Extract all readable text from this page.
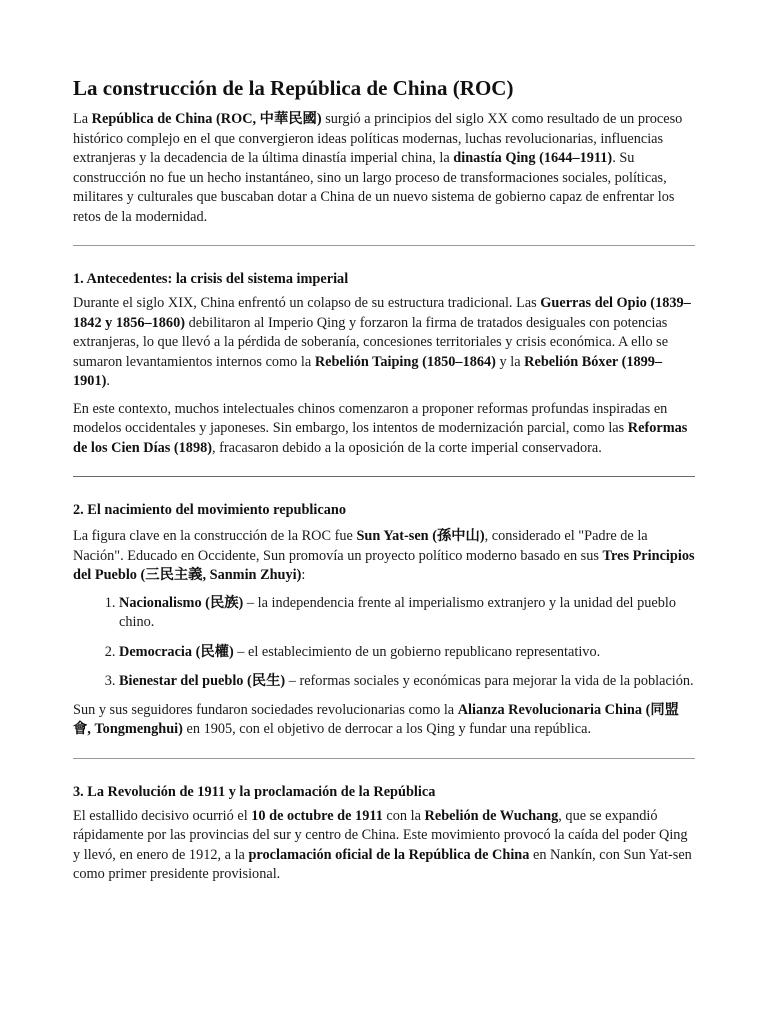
La construcción de la República de China (ROC)

La República de China (ROC, 中華民國) surgió a principios del siglo XX como resultado de un proceso histórico complejo en el que convergieron ideas políticas modernas, luchas revolucionarias, influencias extranjeras y la decadencia de la última dinastía imperial china, la dinastía Qing (1644–1911). Su construcción no fue un hecho instantáneo, sino un largo proceso de transformaciones sociales, políticas, militares y culturales que buscaban dotar a China de un nuevo sistema de gobierno capaz de enfrentar los retos de la modernidad.

1. Antecedentes: la crisis del sistema imperial

Durante el siglo XIX, China enfrentó un colapso de su estructura tradicional. Las Guerras del Opio (1839–1842 y 1856–1860) debilitaron al Imperio Qing y forzaron la firma de tratados desiguales con potencias extranjeras, lo que llevó a la pérdida de soberanía, concesiones territoriales y crisis económica. A ello se sumaron levantamientos internos como la Rebelión Taiping (1850–1864) y la Rebelión Bóxer (1899–1901).

En este contexto, muchos intelectuales chinos comenzaron a proponer reformas profundas inspiradas en modelos occidentales y japoneses. Sin embargo, los intentos de modernización parcial, como las Reformas de los Cien Días (1898), fracasaron debido a la oposición de la corte imperial conservadora.

2. El nacimiento del movimiento republicano

La figura clave en la construcción de la ROC fue Sun Yat-sen (孫中山), considerado el "Padre de la Nación". Educado en Occidente, Sun promovía un proyecto político moderno basado en sus Tres Principios del Pueblo (三民主義, Sanmin Zhuyi):

1. Nacionalismo (民族) – la independencia frente al imperialismo extranjero y la unidad del pueblo chino.
2. Democracia (民權) – el establecimiento de un gobierno republicano representativo.
3. Bienestar del pueblo (民生) – reformas sociales y económicas para mejorar la vida de la población.

Sun y sus seguidores fundaron sociedades revolucionarias como la Alianza Revolucionaria China (同盟會, Tongmenghui) en 1905, con el objetivo de derrocar a los Qing y fundar una república.

3. La Revolución de 1911 y la proclamación de la República

El estallido decisivo ocurrió el 10 de octubre de 1911 con la Rebelión de Wuchang, que se expandió rápidamente por las provincias del sur y centro de China. Este movimiento provocó la caída del poder Qing y llevó, en enero de 1912, a la proclamación oficial de la República de China en Nankín, con Sun Yat-sen como primer presidente provisional.
